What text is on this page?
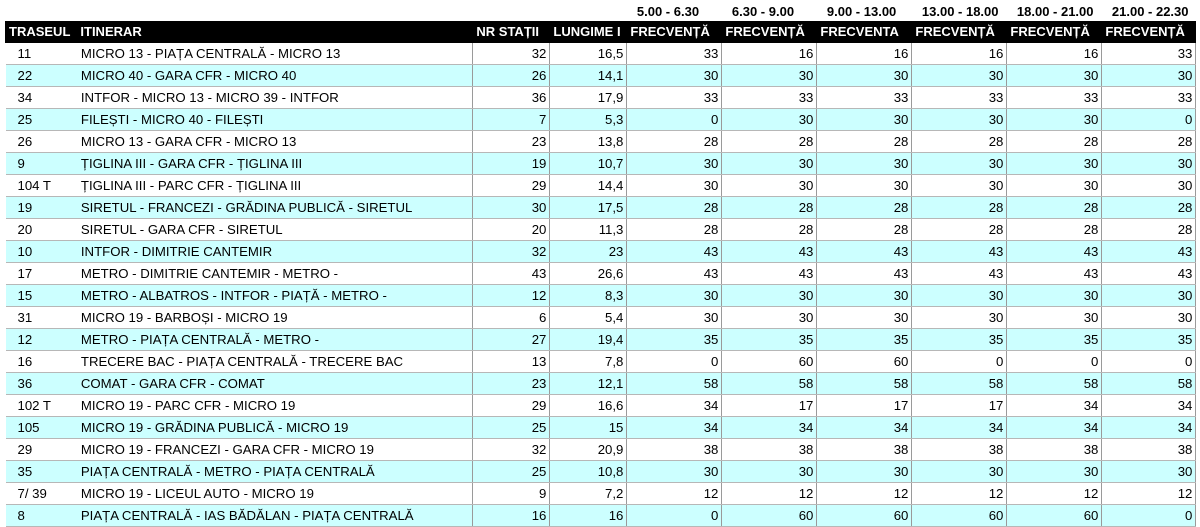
				5.00 - 6.30	6.30 - 9.00	9.00 - 13.00	13.00 - 18.00	18.00 - 21.00	21.00 - 22.30
TRASEUL	ITINERAR	NR STAȚII	LUNGIME I	FRECVENȚĂ	FRECVENȚĂ	FRECVENTA	FRECVENȚĂ	FRECVENȚĂ	FRECVENȚĂ
11	MICRO 13 - PIAȚA CENTRALĂ - MICRO 13	32	16,5	33	16	16	16	16	33
22	MICRO 40 - GARA CFR - MICRO 40	26	14,1	30	30	30	30	30	30
34	INTFOR - MICRO 13 - MICRO 39 - INTFOR	36	17,9	33	33	33	33	33	33
25	FILEȘTI - MICRO 40 - FILEȘTI	7	5,3	0	30	30	30	30	0
26	MICRO 13 - GARA CFR - MICRO 13	23	13,8	28	28	28	28	28	28
9	ȚIGLINA III - GARA CFR - ȚIGLINA III	19	10,7	30	30	30	30	30	30
104 T	ȚIGLINA III - PARC CFR - ȚIGLINA III	29	14,4	30	30	30	30	30	30
19	SIRETUL - FRANCEZI - GRĂDINA PUBLICĂ - SIRETUL	30	17,5	28	28	28	28	28	28
20	SIRETUL - GARA CFR - SIRETUL	20	11,3	28	28	28	28	28	28
10	INTFOR - DIMITRIE CANTEMIR	32	23	43	43	43	43	43	43
17	METRO - DIMITRIE CANTEMIR - METRO -	43	26,6	43	43	43	43	43	43
15	METRO - ALBATROS - INTFOR - PIAȚĂ - METRO -	12	8,3	30	30	30	30	30	30
31	MICRO 19 - BARBOȘI - MICRO 19	6	5,4	30	30	30	30	30	30
12	METRO - PIAȚA CENTRALĂ - METRO -	27	19,4	35	35	35	35	35	35
16	TRECERE BAC - PIAȚA CENTRALĂ - TRECERE BAC	13	7,8	0	60	60	0	0	0
36	COMAT - GARA CFR - COMAT	23	12,1	58	58	58	58	58	58
102 T	MICRO 19 - PARC CFR - MICRO 19	29	16,6	34	17	17	17	34	34
105	MICRO 19 - GRĂDINA PUBLICĂ - MICRO 19	25	15	34	34	34	34	34	34
29	MICRO 19 - FRANCEZI - GARA CFR - MICRO 19	32	20,9	38	38	38	38	38	38
35	PIAȚA CENTRALĂ - METRO - PIAȚA CENTRALĂ	25	10,8	30	30	30	30	30	30
7/ 39	MICRO 19 - LICEUL AUTO - MICRO 19	9	7,2	12	12	12	12	12	12
8	PIAȚA CENTRALĂ - IAS BĂDĂLAN - PIAȚA CENTRALĂ	16	16	0	60	60	60	60	0
